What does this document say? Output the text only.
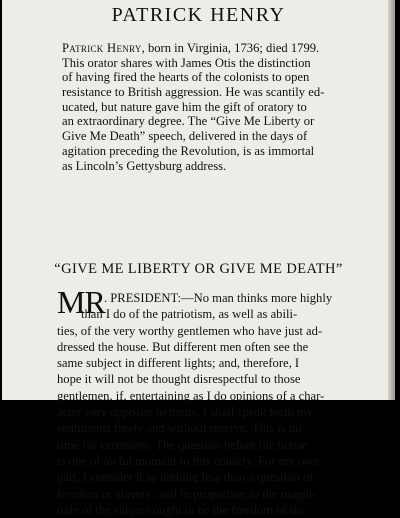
PATRICK HENRY
Patrick Henry, born in Virginia, 1736; died 1799.
This orator shares with James Otis the distinction
of having fired the hearts of the colonists to open
resistance to British aggression. He was scantily ed-
ucated, but nature gave him the gift of oratory to
an extraordinary degree. The “Give Me Liberty or
Give Me Death” speech, delivered in the days of
agitation preceding the Revolution, is as immortal
as Lincoln’s Gettysburg address.
“GIVE ME LIBERTY OR GIVE ME DEATH”
MR . PRESIDENT:—No man thinks more highly
than I do of the patriotism, as well as abili-
ties, of the very worthy gentlemen who have just ad-
dressed the house. But different men often see the
same subject in different lights; and, therefore, I
hope it will not be thought disrespectful to those
gentlemen, if, entertaining as I do opinions of a char-
acter very opposite to theirs, I shall speak forth my
sentiments freely and without reserve. This is no
time for ceremony. The question before the house
is one of awful moment to this country. For my own
part, I consider it as nothing less than a question of
freedom or slavery; and in proportion to the magni-
tude of the subject ought to be the freedom of the
